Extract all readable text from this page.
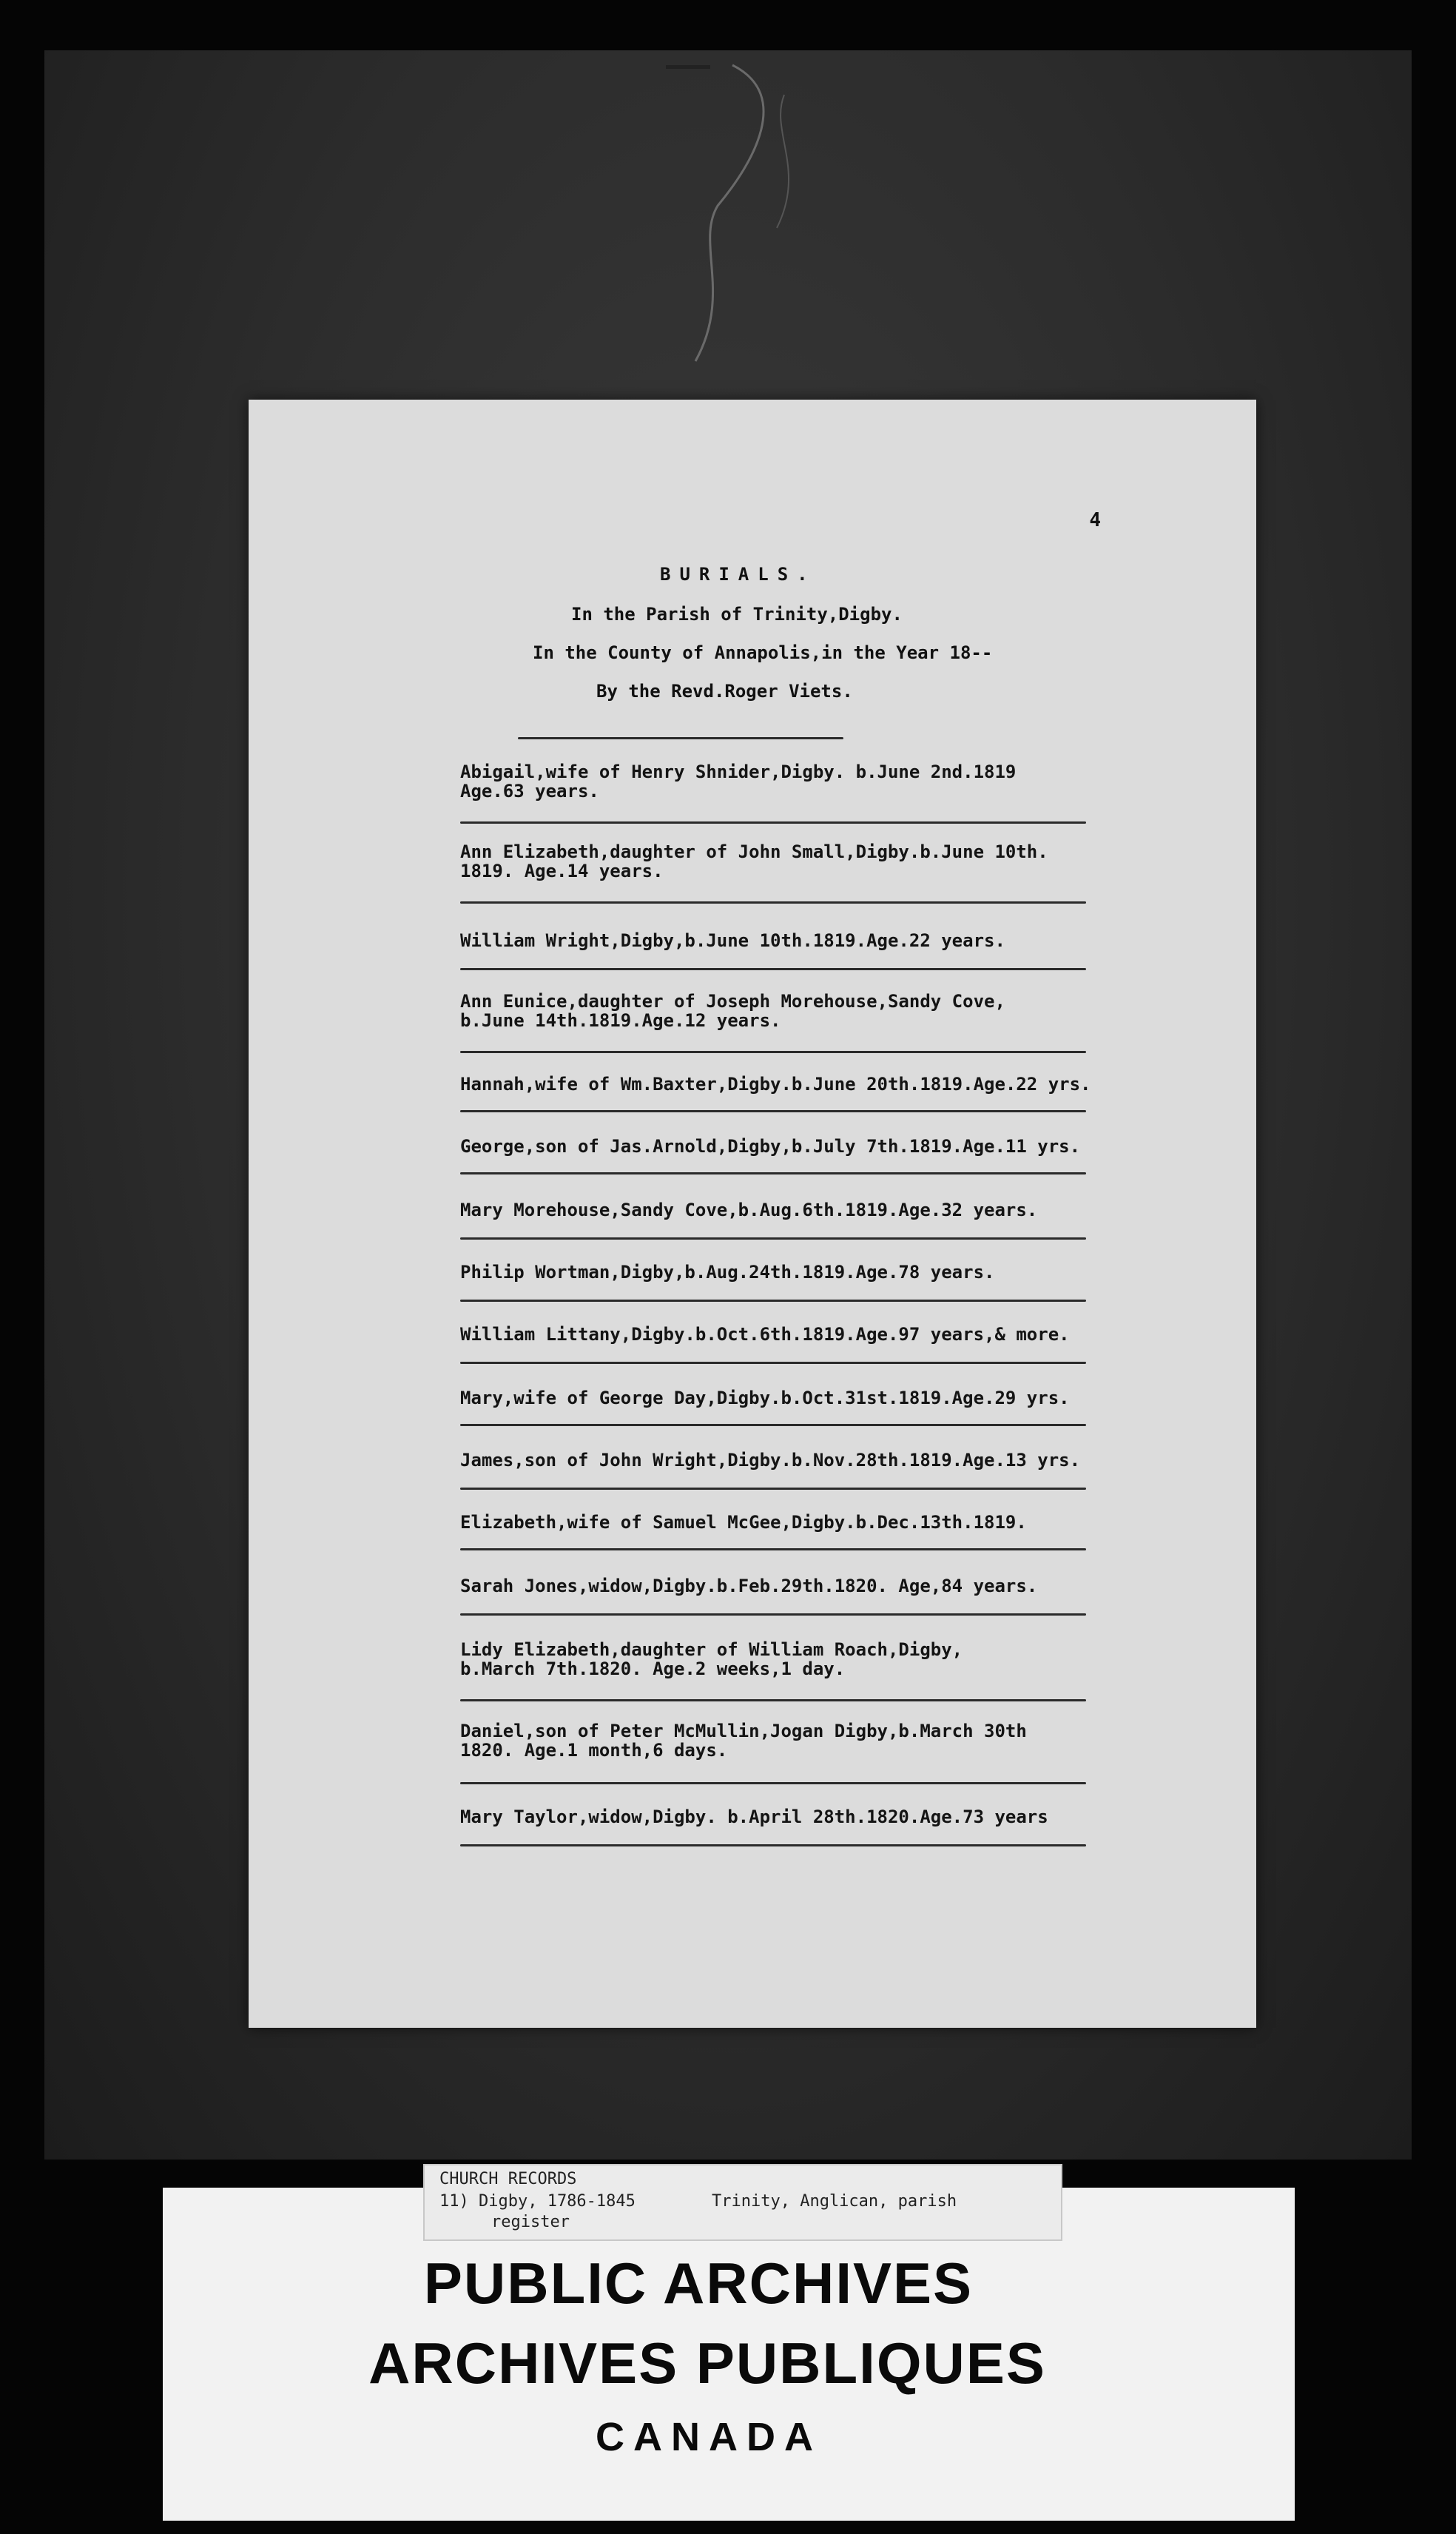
4
BURIALS.
In the Parish of Trinity,Digby.
In the County of Annapolis,in the Year 18--
By the Revd.Roger Viets.
Abigail,wife of Henry Shnider,Digby. b.June 2nd.1819
Age.63 years.
Ann Elizabeth,daughter of John Small,Digby.b.June 10th.
1819. Age.14 years.
William Wright,Digby,b.June 10th.1819.Age.22 years.
Ann Eunice,daughter of Joseph Morehouse,Sandy Cove,
b.June 14th.1819.Age.12 years.
Hannah,wife of Wm.Baxter,Digby.b.June 20th.1819.Age.22 yrs.
George,son of Jas.Arnold,Digby,b.July 7th.1819.Age.11 yrs.
Mary Morehouse,Sandy Cove,b.Aug.6th.1819.Age.32 years.
Philip Wortman,Digby,b.Aug.24th.1819.Age.78 years.
William Littany,Digby.b.Oct.6th.1819.Age.97 years,& more.
Mary,wife of George Day,Digby.b.Oct.31st.1819.Age.29 yrs.
James,son of John Wright,Digby.b.Nov.28th.1819.Age.13 yrs.
Elizabeth,wife of Samuel McGee,Digby.b.Dec.13th.1819.
Sarah Jones,widow,Digby.b.Feb.29th.1820. Age,84 years.
Lidy Elizabeth,daughter of William Roach,Digby,
b.March 7th.1820. Age.2 weeks,1 day.
Daniel,son of Peter McMullin,Jogan Digby,b.March 30th
1820. Age.1 month,6 days.
Mary Taylor,widow,Digby. b.April 28th.1820.Age.73 years
CHURCH RECORDS
11) Digby, 1786-1845	Trinity, Anglican, parish
register
PUBLIC ARCHIVES
ARCHIVES PUBLIQUES
CANADA
